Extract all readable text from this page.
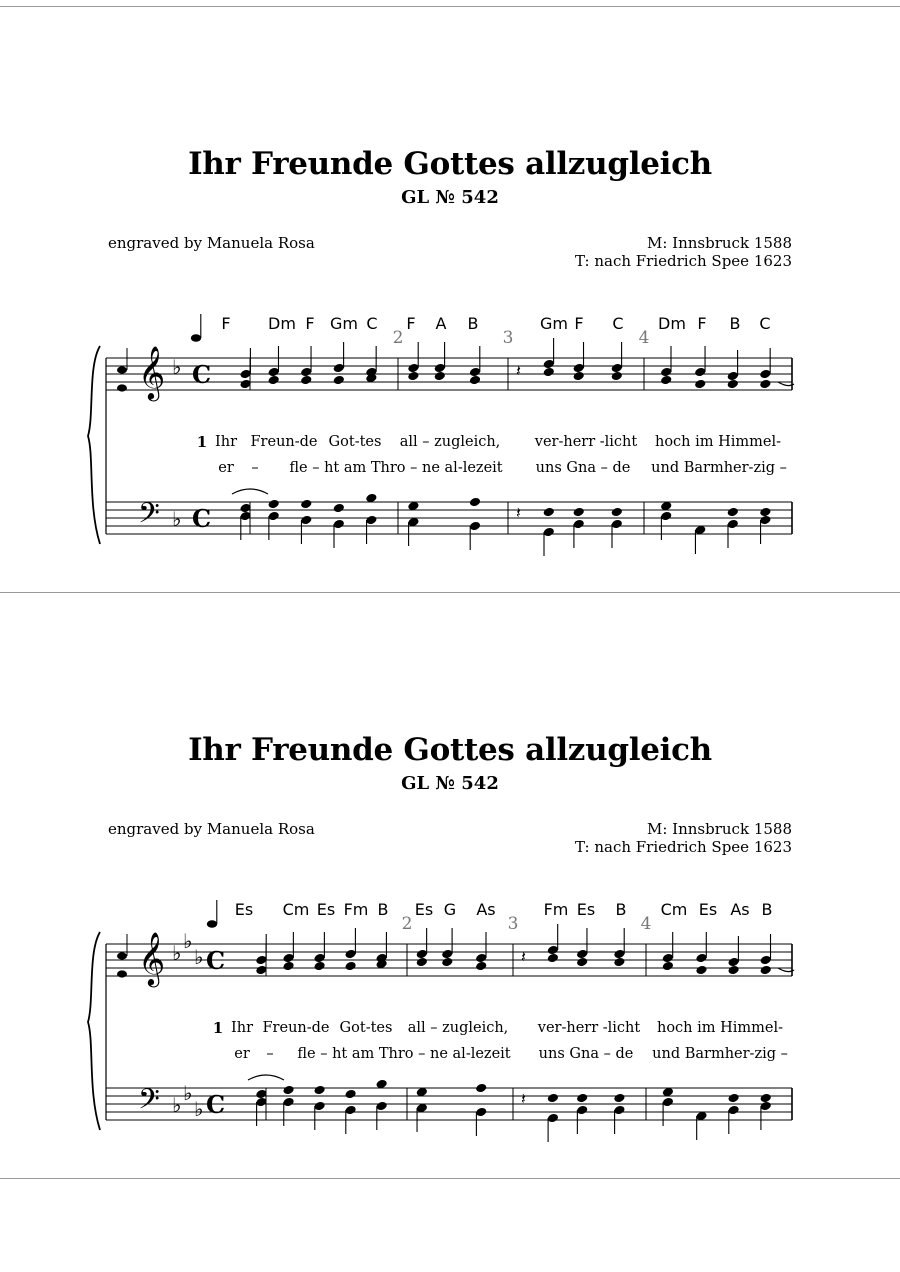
Ihr Freunde Gottes allzugleich
GL № 542
engraved by Manuela Rosa	M: Innsbruck 1588
T: nach Friedrich Spee 1623
F Dm F Gm C F A B	Gm F C Dm F B C
2	3	4
1 Ihr Freun-de Got-tes all – zugleich, ver-herr -licht hoch im Himmel-
er – fle – ht am Thro – ne al-lezeit uns Gna – de und Barmher-zig –
𝄞
𝄢
♭
♭
C
C
𝄽
𝄽
Ihr Freunde Gottes allzugleich
GL № 542
engraved by Manuela Rosa	M: Innsbruck 1588
T: nach Friedrich Spee 1623
Es Cm Es Fm B Es G As	Fm Es B Cm Es As B
2	3	4
1 Ihr Freun-de Got-tes all – zugleich, ver-herr -licht hoch im Himmel-
er – fle – ht am Thro – ne al-lezeit uns Gna – de und Barmher-zig –
𝄞
𝄢
♭
♭
♭
♭
♭
♭
C
C
𝄽
𝄽
